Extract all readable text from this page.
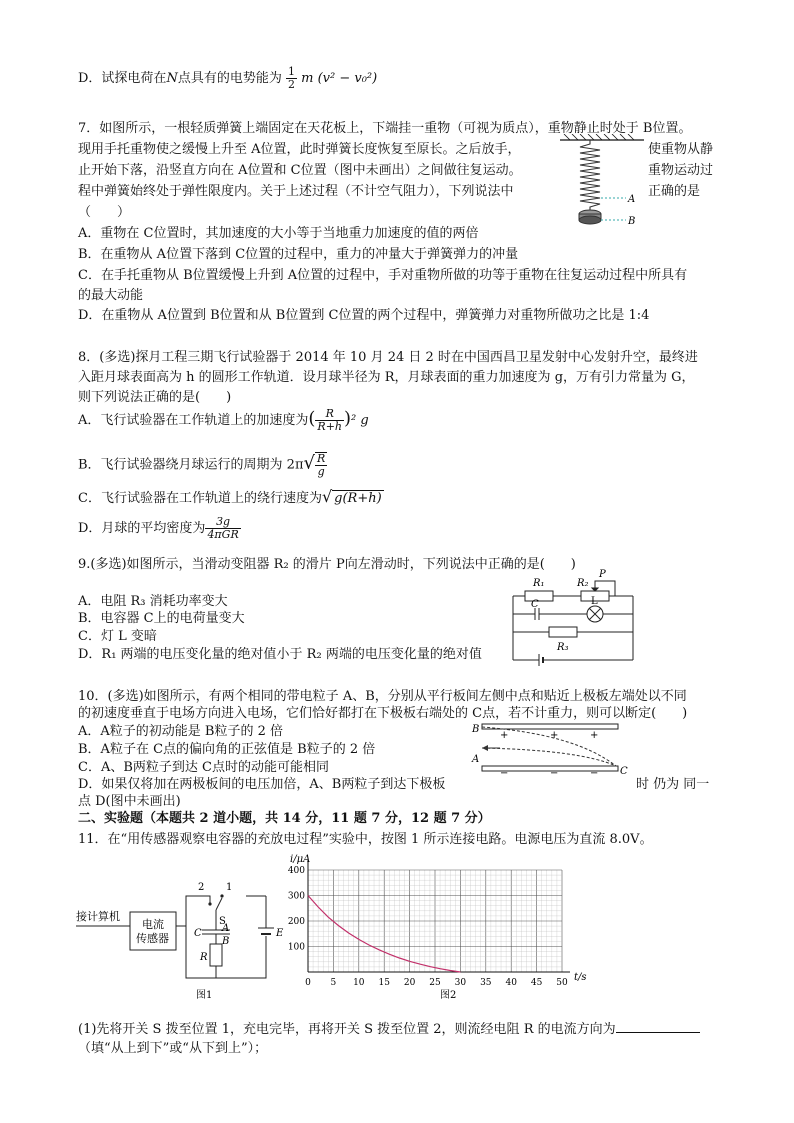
D．试探电荷在N点具有的电势能为 $\frac{1}{2}$ m (v² − v₀²)
7．如图所示，一根轻质弹簧上端固定在天花板上，下端挂一重物（可视为质点），重物静止时处于 B位置。
现用手托重物使之缓慢上升至 A位置，此时弹簧长度恢复至原长。之后放手，	使重物从静
止开始下落，沿竖直方向在 A位置和 C位置（图中未画出）之间做往复运动。	重物运动过
程中弹簧始终处于弹性限度内。关于上述过程（不计空气阻力），下列说法中	正确的是
（　　）
A
B
A．重物在 C位置时，其加速度的大小等于当地重力加速度的值的两倍
B．在重物从 A位置下落到 C位置的过程中，重力的冲量大于弹簧弹力的冲量
C．在手托重物从 B位置缓慢上升到 A位置的过程中，手对重物所做的功等于重物在往复运动过程中所具有
的最大动能
D．在重物从 A位置到 B位置和从 B位置到 C位置的两个过程中，弹簧弹力对重物所做功之比是 1:4
8．(多选)探月工程三期飞行试验器于 2014 年 10 月 24 日 2 时在中国西昌卫星发射中心发射升空，最终进
入距月球表面高为 h 的圆形工作轨道．设月球半径为 R，月球表面的重力加速度为 g，万有引力常量为 G，
则下列说法正确的是(　　)
A．飞行试验器在工作轨道上的加速度为( $\frac{R}{R+h} )^2$ g
B．飞行试验器绕月球运行的周期为 $2\pi√ \frac{R}{g}$
C．飞行试验器在工作轨道上的绕行速度为√ g(R+h)
D．月球的平均密度为 $\frac{3g}{\text{4πGR}}$
9.(多选)如图所示，当滑动变阻器 R₂ 的滑片 P向左滑动时，下列说法中正确的是(　　)
A．电阻 R₃ 消耗功率变大
B．电容器 C上的电荷量变大
C．灯 L 变暗
D．R₁ 两端的电压变化量的绝对值小于 R₂ 两端的电压变化量的绝对值
R₁	R₂
P
C	L
R₃
10．(多选)如图所示，有两个相同的带电粒子 A、B，分别从平行板间左侧中点和贴近上极板左端处以不同
的初速度垂直于电场方向进入电场，它们恰好都打在下极板右端处的 C点，若不计重力，则可以断定(　　)
A．A粒子的初动能是 B粒子的 2 倍
B．A粒子在 C点的偏向角的正弦值是 B粒子的 2 倍
C．A、B两粒子到达 C点时的动能可能相同
D．如果仅将加在两极板间的电压加倍，A、B两粒子到达下极板	时 仍为 同一
点 D(图中未画出)
B
A
C
+	+	+
−	−	−
二、实验题（本题共 2 道小题，共 14 分，11 题 7 分，12 题 7 分）
11．在“用传感器观察电容器的充放电过程”实验中，按图 1 所示连接电路。电源电压为直流 8.0V。
接计算机
电流
传感器
2 1
S
C A
B
R
E
图1
0 5 10 15 20 25 30 35 40 45 50
100
200
300
400
i/μA
t/s
图2
(1)先将开关 S 拨至位置 1，充电完毕，再将开关 S 拨至位置 2，则流经电阻 R 的电流方向为
（填“从上到下”或“从下到上”）；
